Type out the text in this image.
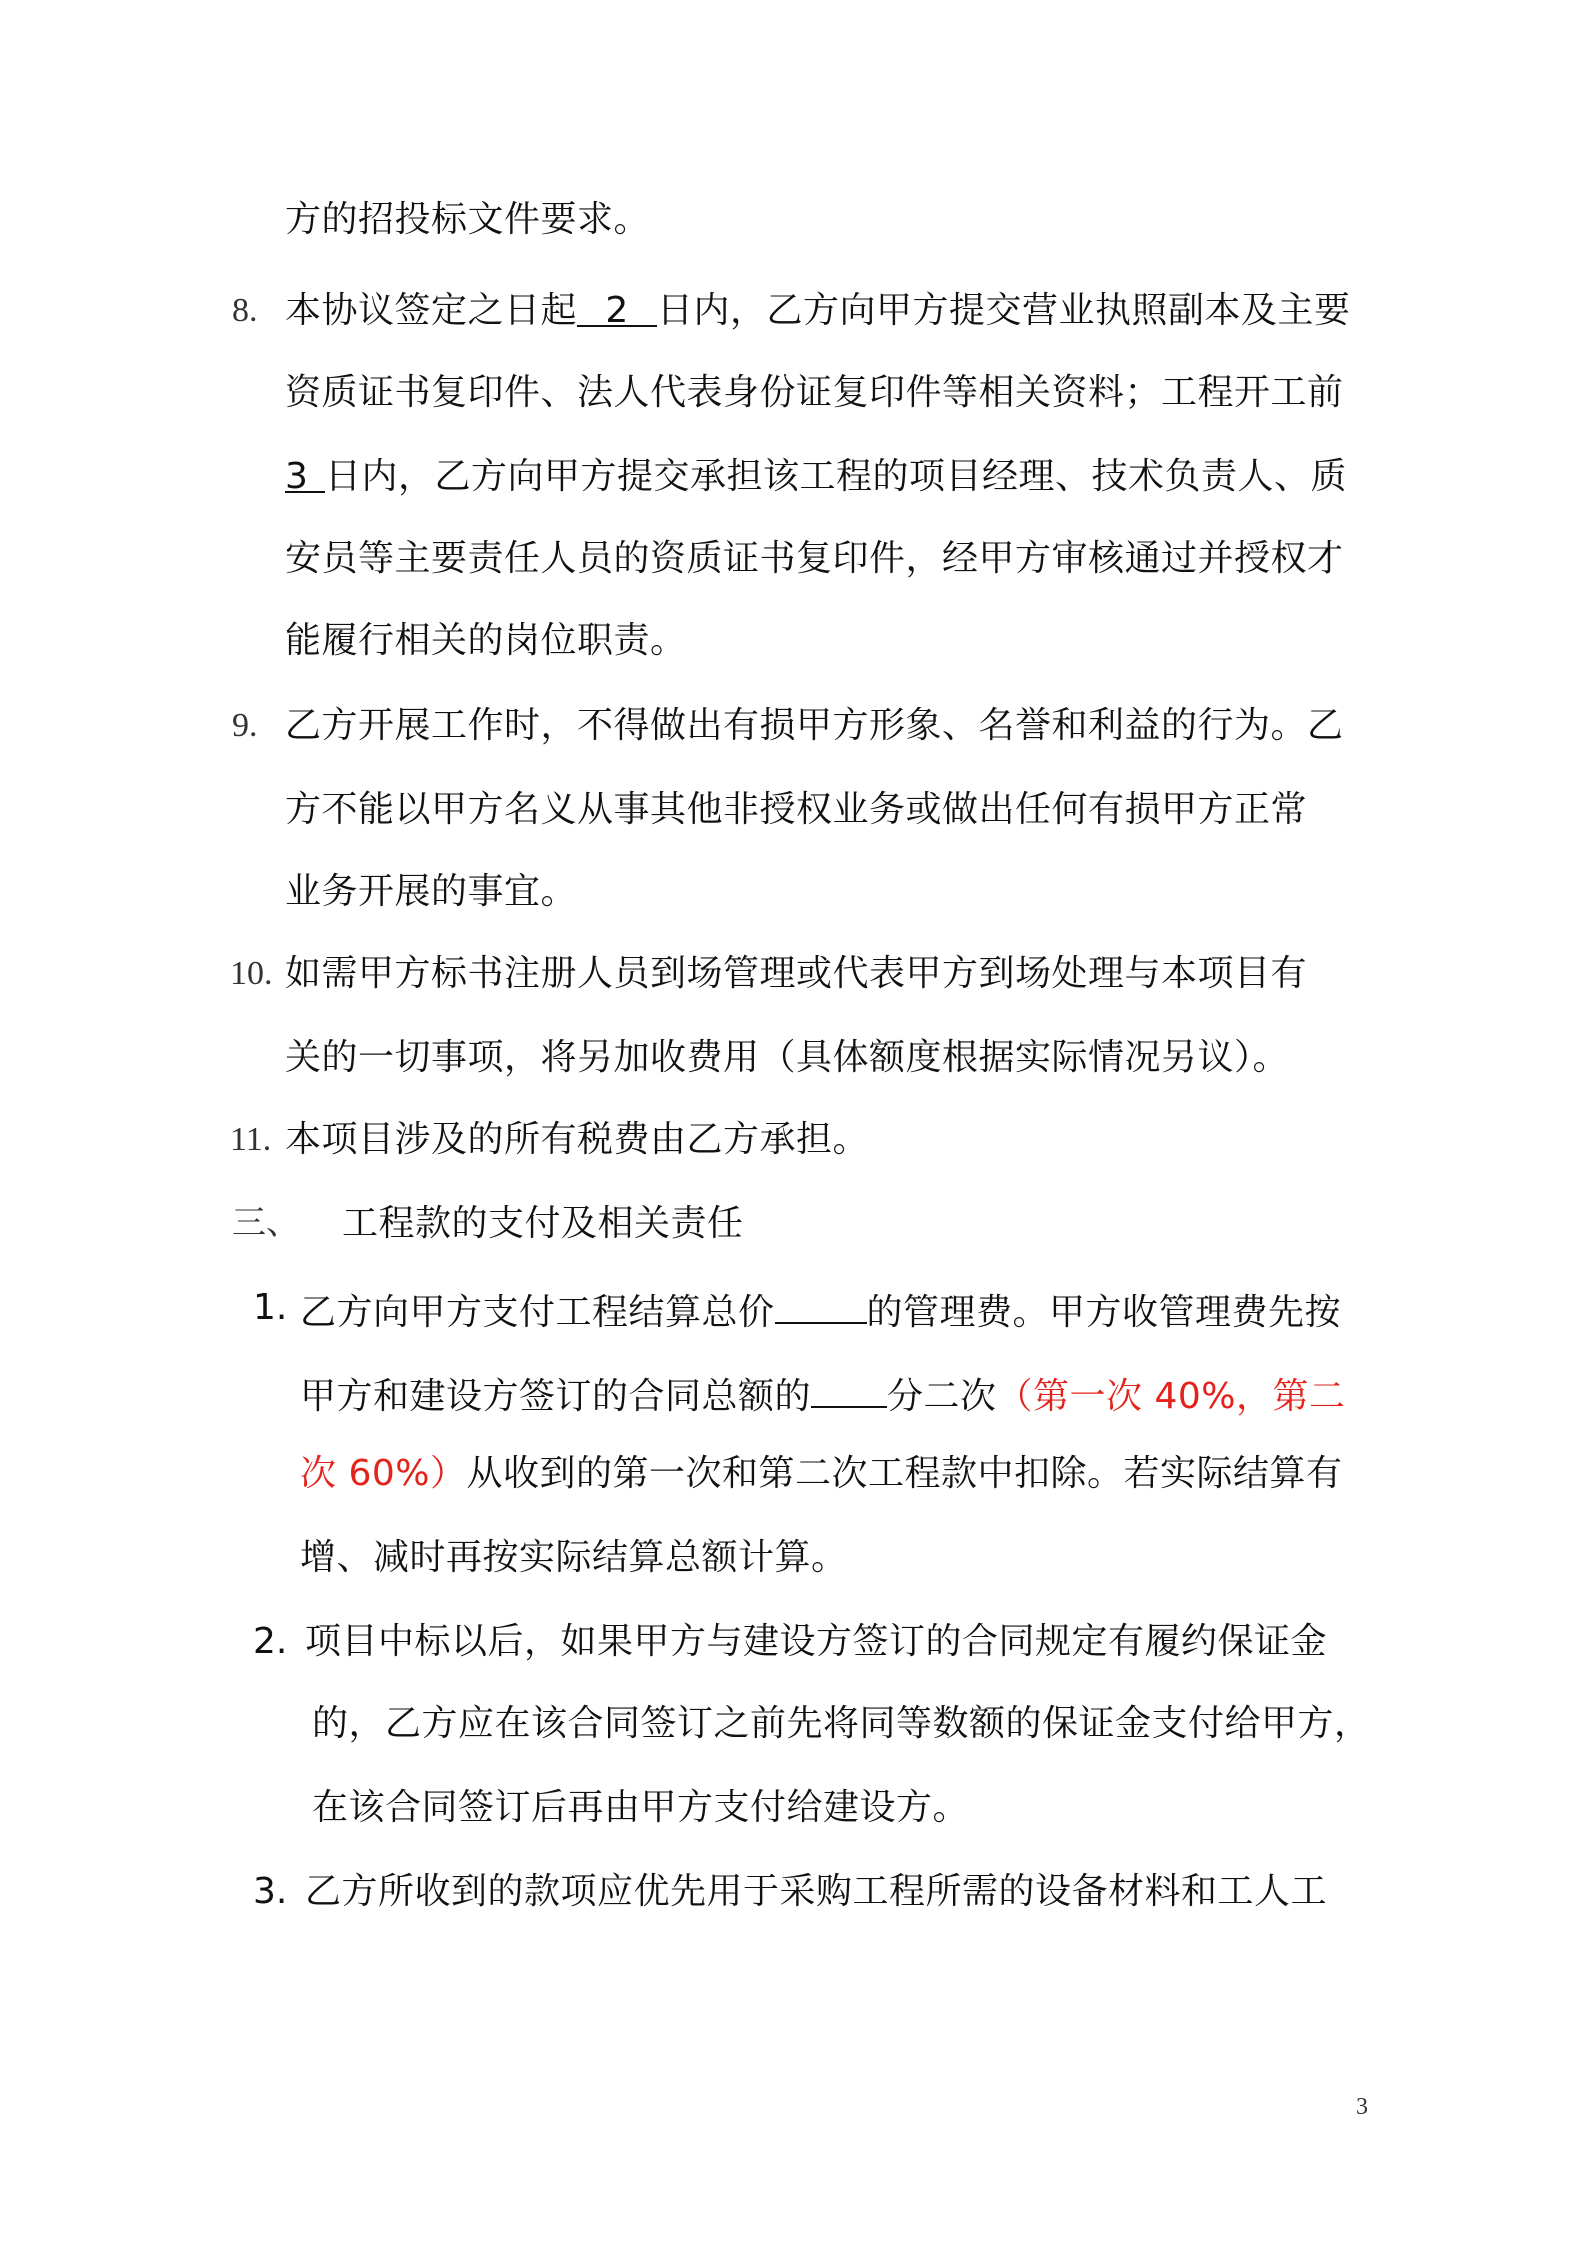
方的招投标文件要求。
8. 本协议签定之日起 2 日内，乙方向甲方提交营业执照副本及主要
资质证书复印件、法人代表身份证复印件等相关资料；工程开工前
3 日内，乙方向甲方提交承担该工程的项目经理、技术负责人、质
安员等主要责任人员的资质证书复印件，经甲方审核通过并授权才
能履行相关的岗位职责。
9. 乙方开展工作时，不得做出有损甲方形象、名誉和利益的行为。乙
方不能以甲方名义从事其他非授权业务或做出任何有损甲方正常
业务开展的事宜。
10. 如需甲方标书注册人员到场管理或代表甲方到场处理与本项目有
关的一切事项，将另加收费用（具体额度根据实际情况另议）。
11. 本项目涉及的所有税费由乙方承担。
三、 工程款的支付及相关责任
1. 乙方向甲方支付工程结算总价	的管理费。甲方收管理费先按
甲方和建设方签订的合同总额的 分二次（第一次 40%，第二
次 60%）从收到的第一次和第二次工程款中扣除。若实际结算有
增、减时再按实际结算总额计算。
2. 项目中标以后，如果甲方与建设方签订的合同规定有履约保证金
的，乙方应在该合同签订之前先将同等数额的保证金支付给甲方，
在该合同签订后再由甲方支付给建设方。
3. 乙方所收到的款项应优先用于采购工程所需的设备材料和工人工
3
